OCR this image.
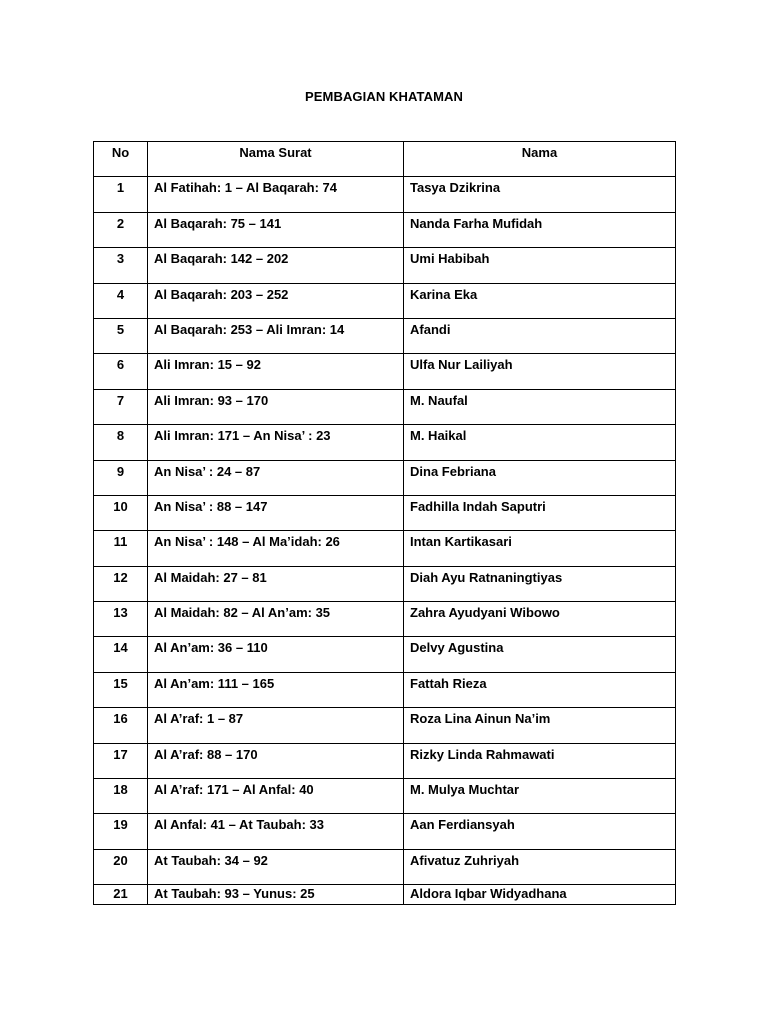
PEMBAGIAN KHATAMAN
No	Nama Surat	Nama
1	Al Fatihah: 1 – Al Baqarah: 74	Tasya Dzikrina
2	Al Baqarah: 75 – 141	Nanda Farha Mufidah
3	Al Baqarah: 142 – 202	Umi Habibah
4	Al Baqarah: 203 – 252	Karina Eka
5	Al Baqarah: 253 – Ali Imran: 14	Afandi
6	Ali Imran: 15 – 92	Ulfa Nur Lailiyah
7	Ali Imran: 93 – 170	M. Naufal
8	Ali Imran: 171 – An Nisa’ : 23	M. Haikal
9	An Nisa’ : 24 – 87	Dina Febriana
10	An Nisa’ : 88 – 147	Fadhilla Indah Saputri
11	An Nisa’ : 148 – Al Ma’idah: 26	Intan Kartikasari
12	Al Maidah: 27 – 81	Diah Ayu Ratnaningtiyas
13	Al Maidah: 82 – Al An’am: 35	Zahra Ayudyani Wibowo
14	Al An’am: 36 – 110	Delvy Agustina
15	Al An’am: 111 – 165	Fattah Rieza
16	Al A’raf: 1 – 87	Roza Lina Ainun Na’im
17	Al A’raf: 88 – 170	Rizky Linda Rahmawati
18	Al A’raf: 171 – Al Anfal: 40	M. Mulya Muchtar
19	Al Anfal: 41 – At Taubah: 33	Aan Ferdiansyah
20	At Taubah: 34 – 92	Afivatuz Zuhriyah
21	At Taubah: 93 – Yunus: 25	Aldora Iqbar Widyadhana
